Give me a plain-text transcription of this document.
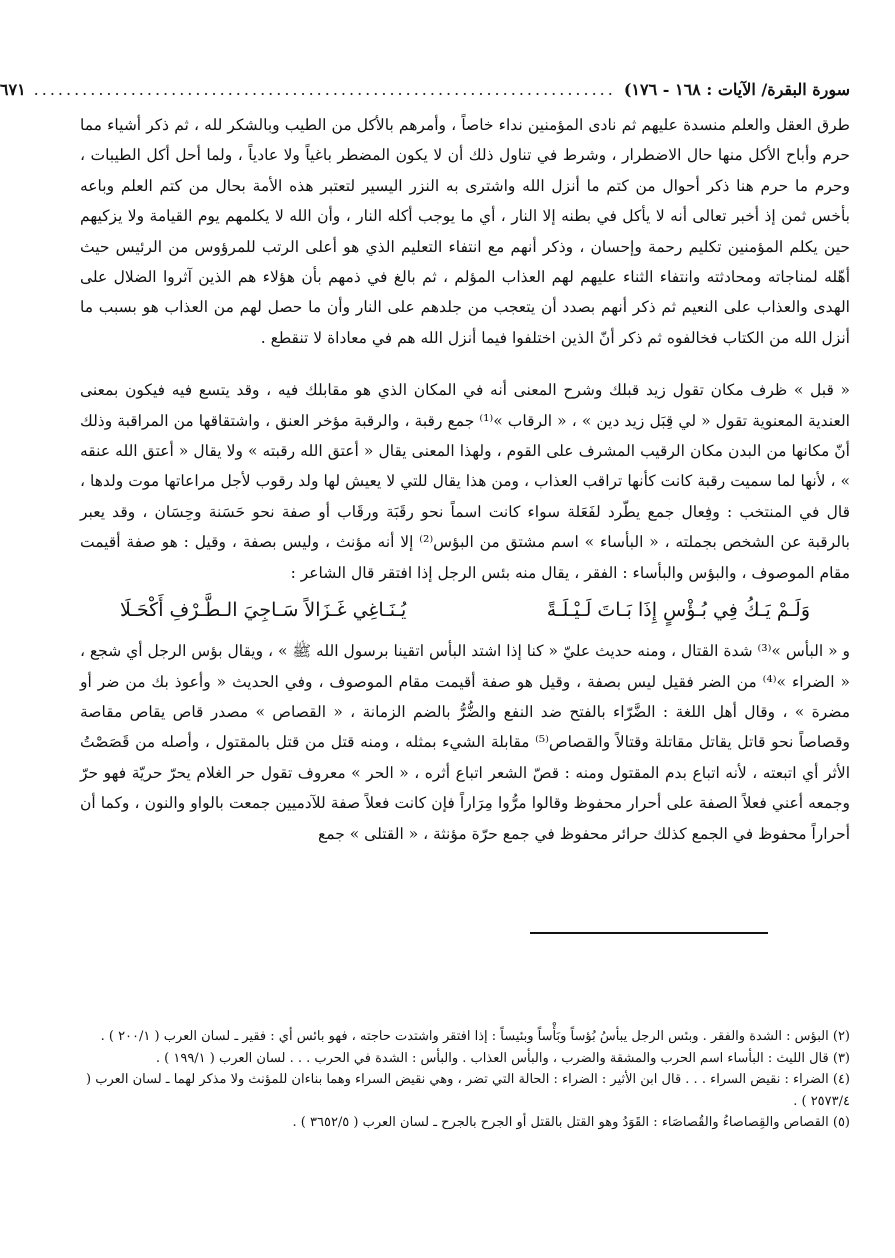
سورة البقرة/ الآيات : ١٦٨ - ١٧٦)
........................................................................
٦٧١

طرق العقل والعلم منسدة عليهم ثم نادى المؤمنين نداء خاصاً ، وأمرهم بالأكل من الطيب وبالشكر لله ، ثم ذكر أشياء مما حرم وأباح الأكل منها حال الاضطرار ، وشرط في تناول ذلك أن لا يكون المضطر باغياً ولا عادياً ، ولما أحل أكل الطيبات ، وحرم ما حرم هنا ذكر أحوال من كتم ما أنزل الله واشترى به النزر اليسير لتعتبر هذه الأمة بحال من كتم العلم وباعه بأخس ثمن إذ أخبر تعالى أنه لا يأكل في بطنه إلا النار ، أي ما يوجب أكله النار ، وأن الله لا يكلمهم يوم القيامة ولا يزكيهم حين يكلم المؤمنين تكليم رحمة وإحسان ، وذكر أنهم مع انتفاء التعليم الذي هو أعلى الرتب للمرؤوس من الرئيس حيث أهّله لمناجاته ومحادثته وانتفاء الثناء عليهم لهم العذاب المؤلم ، ثم بالغ في ذمهم بأن هؤلاء هم الذين آثروا الضلال على الهدى والعذاب على النعيم ثم ذكر أنهم بصدد أن يتعجب من جلدهم على النار وأن ما حصل لهم من العذاب هو بسبب ما أنزل الله من الكتاب فخالفوه ثم ذكر أنّ الذين اختلفوا فيما أنزل الله هم في معاداة لا تنقطع .

« قبل » ظرف مكان تقول زيد قبلك وشرح المعنى أنه في المكان الذي هو مقابلك فيه ، وقد يتسع فيه فيكون بمعنى العندية المعنوية تقول « لي قِبَل زيد دين » ، « الرقاب »⁽¹⁾ جمع رقبة ، والرقبة مؤخر العنق ، واشتقاقها من المراقبة وذلك أنّ مكانها من البدن مكان الرقيب المشرف على القوم ، ولهذا المعنى يقال « أعتق الله رقبته » ولا يقال « أعتق الله عنقه » ، لأنها لما سميت رقبة كانت كأنها تراقب العذاب ، ومن هذا يقال للتي لا يعيش لها ولد رقوب لأجل مراعاتها موت ولدها ، قال في المنتخب : وفِعال جمع يطّرد لفَعَلة سواء كانت اسماً نحو رقَبَة ورقَاب أو صفة نحو حَسَنة وحِسَان ، وقد يعبر بالرقبة عن الشخص بجملته ، « البأساء » اسم مشتق من البؤس⁽²⁾ إلا أنه مؤنث ، وليس بصفة ، وقيل : هو صفة أقيمت مقام الموصوف ، والبؤس والبأساء : الفقر ، يقال منه بئس الرجل إذا افتقر قال الشاعر :

وَلَـمْ يَـكُ فِي بُـؤْسٍ إِذَا بَـاتَ لَـيْـلَـةً
يُـنَـاغِي غَـزَالاً سَـاجِيَ الـطَّـرْفِ أَكْحَـلَا

و « البأس »⁽³⁾ شدة القتال ، ومنه حديث عليّ « كنا إذا اشتد البأس اتقينا برسول الله ﷺ » ، ويقال بؤس الرجل أي شجع ، « الضراء »⁽⁴⁾ من الضر فقيل ليس بصفة ، وقيل هو صفة أقيمت مقام الموصوف ، وفي الحديث « وأعوذ بك من ضر أو مضرة » ، وقال أهل اللغة : الضَّرّاء بالفتح ضد النفع والضُّرُّ بالضم الزمانة ، « القصاص » مصدر قاص يقاص مقاصة وقصاصاً نحو قاتل يقاتل مقاتلة وقتالاً والقصاص⁽⁵⁾ مقابلة الشيء بمثله ، ومنه قتل من قتل بالمقتول ، وأصله من قَصَصْتُ الأثر أي اتبعته ، لأنه اتباع بدم المقتول ومنه : قصّ الشعر اتباع أثره ، « الحر » معروف تقول حر الغلام يحرّ حريّة فهو حرّ وجمعه أعني فعلاً الصفة على أحرار محفوظ وقالوا مرُّوا مِرَاراً فإن كانت فعلاً صفة للآدميين جمعت بالواو والنون ، وكما أن أحراراً محفوظ في الجمع كذلك حرائر محفوظ في جمع حرّة مؤنثة ، « القتلى » جمع

(٢) البؤس : الشدة والفقر . وبئس الرجل يبأسُ بُؤساً وبَأْساً وبئيساً : إذا افتقر واشتدت حاجته ، فهو بائس أي : فقير ـ لسان العرب ( ٢٠٠/١ ) .

(٣) قال الليث : البأساء اسم الحرب والمشقة والضرب ، والبأس العذاب . والبأس : الشدة في الحرب . . . لسان العرب ( ١٩٩/١ ) .

(٤) الضراء : نقيض السراء . . . قال ابن الأثير : الضراء : الحالة التي تضر ، وهي نقيض السراء وهما بناءان للمؤنث ولا مذكر لهما ـ لسان العرب ( ٢٥٧٣/٤ ) .

(٥) القصاص والقِصاصاءُ والقُصاصَاء : القَوَدُ وهو القتل بالقتل أو الجرح بالجرح ـ لسان العرب ( ٣٦٥٢/٥ ) .
